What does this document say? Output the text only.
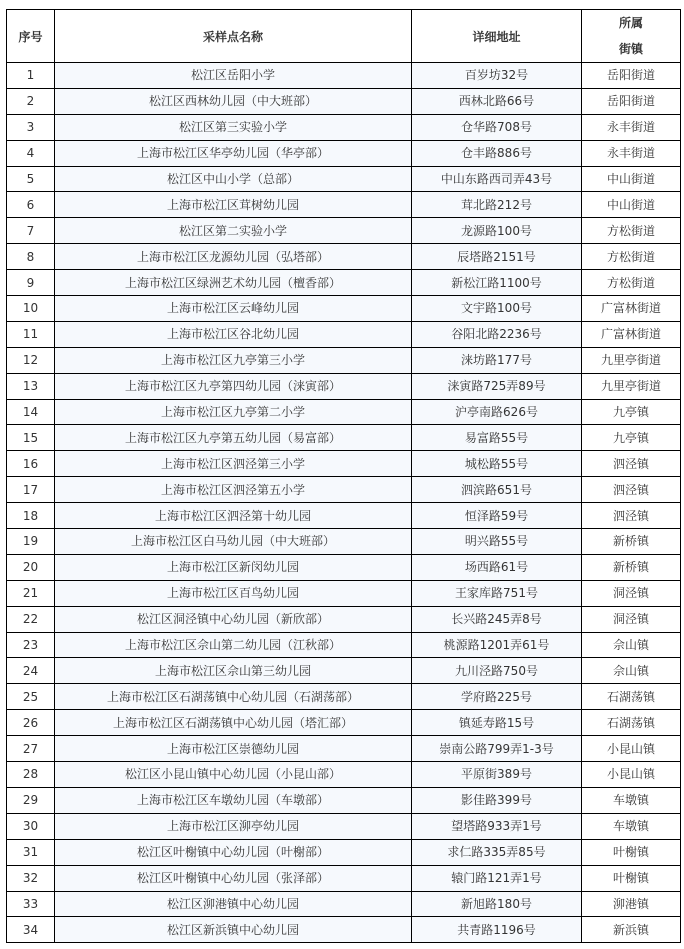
序号	采样点名称	详细地址	所属
街镇

1	松江区岳阳小学	百岁坊32号	岳阳街道
2	松江区西林幼儿园（中大班部）	西林北路66号	岳阳街道
3	松江区第三实验小学	仓华路708号	永丰街道
4	上海市松江区华亭幼儿园（华亭部）	仓丰路886号	永丰街道
5	松江区中山小学（总部）	中山东路西司弄43号	中山街道
6	上海市松江区茸树幼儿园	茸北路212号	中山街道
7	松江区第二实验小学	龙源路100号	方松街道
8	上海市松江区龙源幼儿园（弘塔部）	辰塔路2151号	方松街道
9	上海市松江区绿洲艺术幼儿园（檀香部）	新松江路1100号	方松街道
10	上海市松江区云峰幼儿园	文宇路100号	广富林街道
11	上海市松江区谷北幼儿园	谷阳北路2236号	广富林街道
12	上海市松江区九亭第三小学	涞坊路177号	九里亭街道
13	上海市松江区九亭第四幼儿园（涞寅部）	涞寅路725弄89号	九里亭街道
14	上海市松江区九亭第二小学	沪亭南路626号	九亭镇
15	上海市松江区九亭第五幼儿园（易富部）	易富路55号	九亭镇
16	上海市松江区泗泾第三小学	城松路55号	泗泾镇
17	上海市松江区泗泾第五小学	泗滨路651号	泗泾镇
18	上海市松江区泗泾第十幼儿园	恒泽路59号	泗泾镇
19	上海市松江区白马幼儿园（中大班部）	明兴路55号	新桥镇
20	上海市松江区新闵幼儿园	场西路61号	新桥镇
21	上海市松江区百鸟幼儿园	王家库路751号	洞泾镇
22	松江区洞泾镇中心幼儿园（新欣部）	长兴路245弄8号	洞泾镇
23	上海市松江区佘山第二幼儿园（江秋部）	桃源路1201弄61号	佘山镇
24	上海市松江区佘山第三幼儿园	九川泾路750号	佘山镇
25	上海市松江区石湖荡镇中心幼儿园（石湖荡部）	学府路225号	石湖荡镇
26	上海市松江区石湖荡镇中心幼儿园（塔汇部）	镇延寿路15号	石湖荡镇
27	上海市松江区崇德幼儿园	崇南公路799弄1-3号	小昆山镇
28	松江区小昆山镇中心幼儿园（小昆山部）	平原街389号	小昆山镇
29	上海市松江区车墩幼儿园（车墩部）	影佳路399号	车墩镇
30	上海市松江区泖亭幼儿园	望塔路933弄1号	车墩镇
31	松江区叶榭镇中心幼儿园（叶榭部）	求仁路335弄85号	叶榭镇
32	松江区叶榭镇中心幼儿园（张泽部）	辕门路121弄1号	叶榭镇
33	松江区泖港镇中心幼儿园	新旭路180号	泖港镇
34	松江区新浜镇中心幼儿园	共青路1196号	新浜镇
